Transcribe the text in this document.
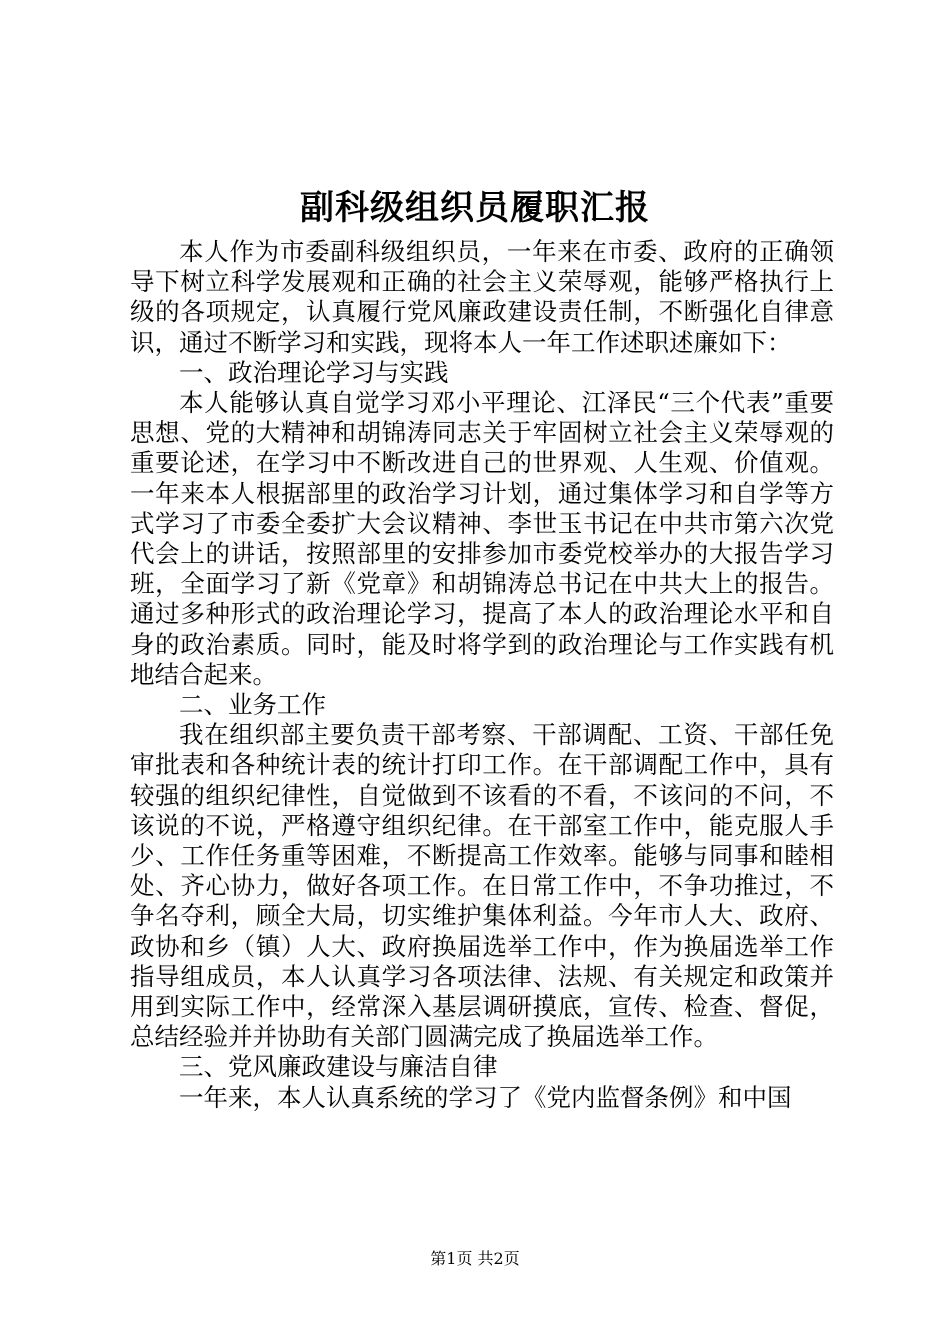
副科级组织员履职汇报

本人作为市委副科级组织员，一年来在市委、政府的正确领导下树立科学发展观和正确的社会主义荣辱观，能够严格执行上级的各项规定，认真履行党风廉政建设责任制，不断强化自律意识，通过不断学习和实践，现将本人一年工作述职述廉如下：

一、政治理论学习与实践

本人能够认真自觉学习邓小平理论、江泽民“三个代表”重要思想、党的大精神和胡锦涛同志关于牢固树立社会主义荣辱观的重要论述，在学习中不断改进自己的世界观、人生观、价值观。一年来本人根据部里的政治学习计划，通过集体学习和自学等方式学习了市委全委扩大会议精神、李世玉书记在中共市第六次党代会上的讲话，按照部里的安排参加市委党校举办的大报告学习班，全面学习了新《党章》和胡锦涛总书记在中共大上的报告。通过多种形式的政治理论学习，提高了本人的政治理论水平和自身的政治素质。同时，能及时将学到的政治理论与工作实践有机地结合起来。

二、业务工作

我在组织部主要负责干部考察、干部调配、工资、干部任免审批表和各种统计表的统计打印工作。在干部调配工作中，具有较强的组织纪律性，自觉做到不该看的不看，不该问的不问，不该说的不说，严格遵守组织纪律。在干部室工作中，能克服人手少、工作任务重等困难，不断提高工作效率。能够与同事和睦相处、齐心协力，做好各项工作。在日常工作中，不争功推过，不争名夺利，顾全大局，切实维护集体利益。今年市人大、政府、政协和乡（镇）人大、政府换届选举工作中，作为换届选举工作指导组成员，本人认真学习各项法律、法规、有关规定和政策并用到实际工作中，经常深入基层调研摸底，宣传、检查、督促，总结经验并并协助有关部门圆满完成了换届选举工作。

三、党风廉政建设与廉洁自律

一年来，本人认真系统的学习了《党内监督条例》和中国

第1页 共2页
